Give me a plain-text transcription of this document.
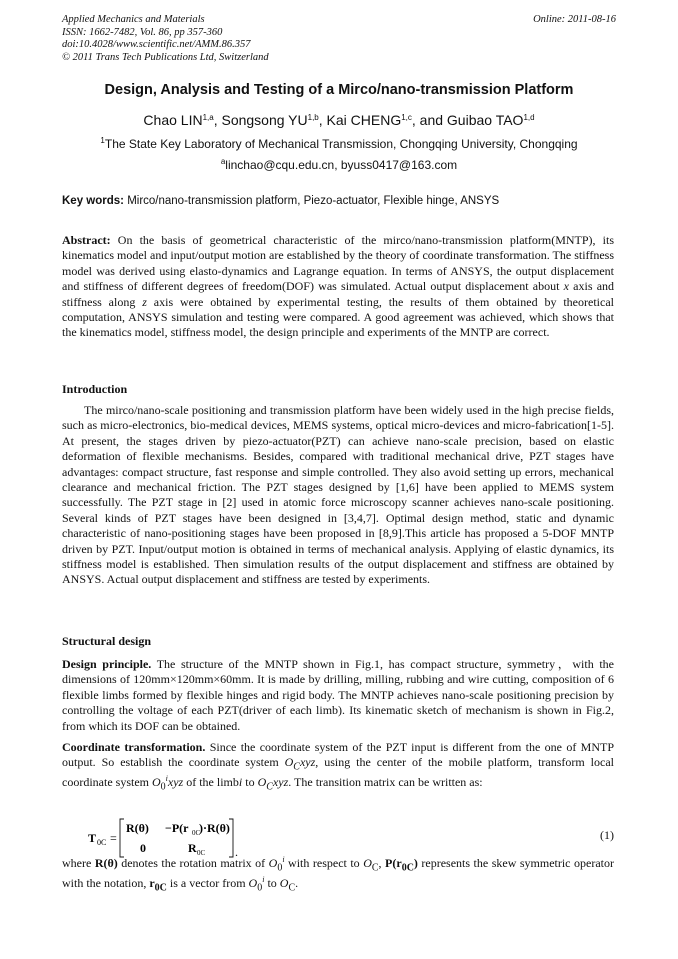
Applied Mechanics and Materials
ISSN: 1662-7482, Vol. 86, pp 357-360
doi:10.4028/www.scientific.net/AMM.86.357
© 2011 Trans Tech Publications Ltd, Switzerland
Online: 2011-08-16
Design, Analysis and Testing of a Mirco/nano-transmission Platform
Chao LIN$^{1,a}$, Songsong YU$^{1,b}$, Kai CHENG$^{1,c}$, and Guibao TAO$^{1,d}$
$^1$The State Key Laboratory of Mechanical Transmission, Chongqing University, Chongqing
$^a$linchao@cqu.edu.cn, byuss0417@163.com
Key words: Mirco/nano-transmission platform, Piezo-actuator, Flexible hinge, ANSYS

Abstract: On the basis of geometrical characteristic of the mirco/nano-transmission platform(MNTP), its kinematics model and input/output motion are established by the theory of coordinate transformation. The stiffness model was derived using elasto-dynamics and Lagrange equation. In terms of ANSYS, the output displacement and stiffness of different degrees of freedom(DOF) was simulated. Actual output displacement about x axis and stiffness along z axis were obtained by experimental testing, the results of them obtained by theoretical computation, ANSYS simulation and testing were compared. A good agreement was achieved, which shows that the kinematics model, stiffness model, the design principle and experiments of the MNTP are correct.

Introduction

The mirco/nano-scale positioning and transmission platform have been widely used in the high precise fields, such as micro-electronics, bio-medical devices, MEMS systems, optical micro-devices and micro-fabrication[1-5]. At present, the stages driven by piezo-actuator(PZT) can achieve nano-scale precision, based on elastic deformation of flexible mechanisms. Besides, compared with traditional mechanical drive, PZT stages have advantages: compact structure, fast response and simple controlled. They also avoid setting up errors, mechanical clearance and mechanical friction. The PZT stages designed by [1,6] have been applied to MEMS system successfully. The PZT stage in [2] used in atomic force microscopy scanner achieves nano-scale positioning. Several kinds of PZT stages have been designed in [3,4,7]. Optimal design method, static and dynamic characteristic of nano-positioning stages have been proposed in [8,9].This article has proposed a 5-DOF MNTP driven by PZT. Input/output motion is obtained in terms of mechanical analysis. Applying of elastic dynamics, its stiffness model is established. Then simulation results of the output displacement and stiffness are obtained by ANSYS. Actual output displacement and stiffness are tested by experiments.

Structural design

Design principle. The structure of the MNTP shown in Fig.1, has compact structure, symmetry，with the dimensions of 120mm×120mm×60mm. It is made by drilling, milling, rubbing and wire cutting, composition of 6 flexible limbs formed by flexible hinges and rigid body. The MNTP achieves nano-scale positioning precision by controlling the voltage of each PZT(driver of each limb). Its kinematic sketch of mechanism is shown in Fig.2, from which its DOF can be obtained.

Coordinate transformation. Since the coordinate system of the PZT input is different from the one of MNTP output. So establish the coordinate system $O_Cxyz$, using the center of the mobile platform, transform local coordinate system $O_0^ixyz$ of the limbi to $O_Cxyz$. The transition matrix can be written as:

T 0C =
R(θ) −P(r 0C
)·R(θ)
0	R 0C .
(1)

where R(θ) denotes the rotation matrix of $O_0^i$ with respect to $O_C$, $P(r_{0C})$ represents the skew symmetric operator with the notation, $r_{0C}$ is a vector from $O_0^i$ to $O_C$.
